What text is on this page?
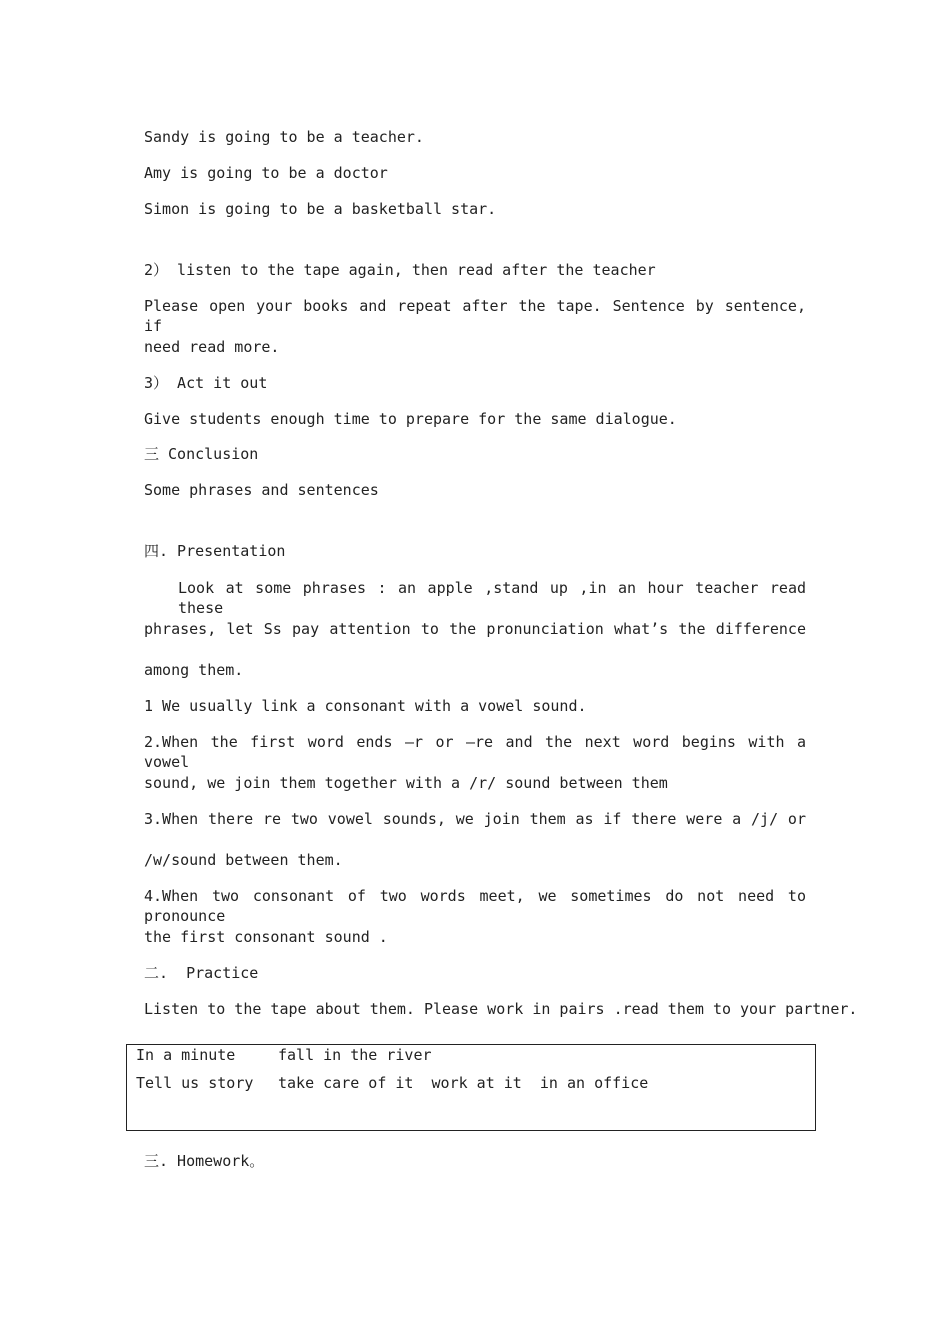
Sandy is going to be a teacher.
Amy is going to be a doctor
Simon is going to be a basketball star.
2） listen to the tape again, then read after the teacher
Please open your books and repeat after the tape. Sentence by sentence, if
need read more.
3） Act it out
Give students enough time to prepare for the same dialogue.
三 Conclusion
Some phrases and sentences
四. Presentation
Look at some phrases : an apple ,stand up ,in an hour teacher read these
phrases, let Ss pay attention to the pronunciation what’s the difference
among them.
1 We usually link a consonant with a vowel sound.
2.When the first word ends –r or –re and the next word begins with a vowel
sound, we join them together with a /r/ sound between them
3.When there re two vowel sounds, we join them as if there were a /j/ or
/w/sound between them.
4.When two consonant of two words meet, we sometimes do not need to pronounce
the first consonant sound .
二.  Practice
Listen to the tape about them. Please work in pairs .read them to your partner.
In a minute	fall in the river
Tell us story take care of it  work at it  in an office
三. Homework。
